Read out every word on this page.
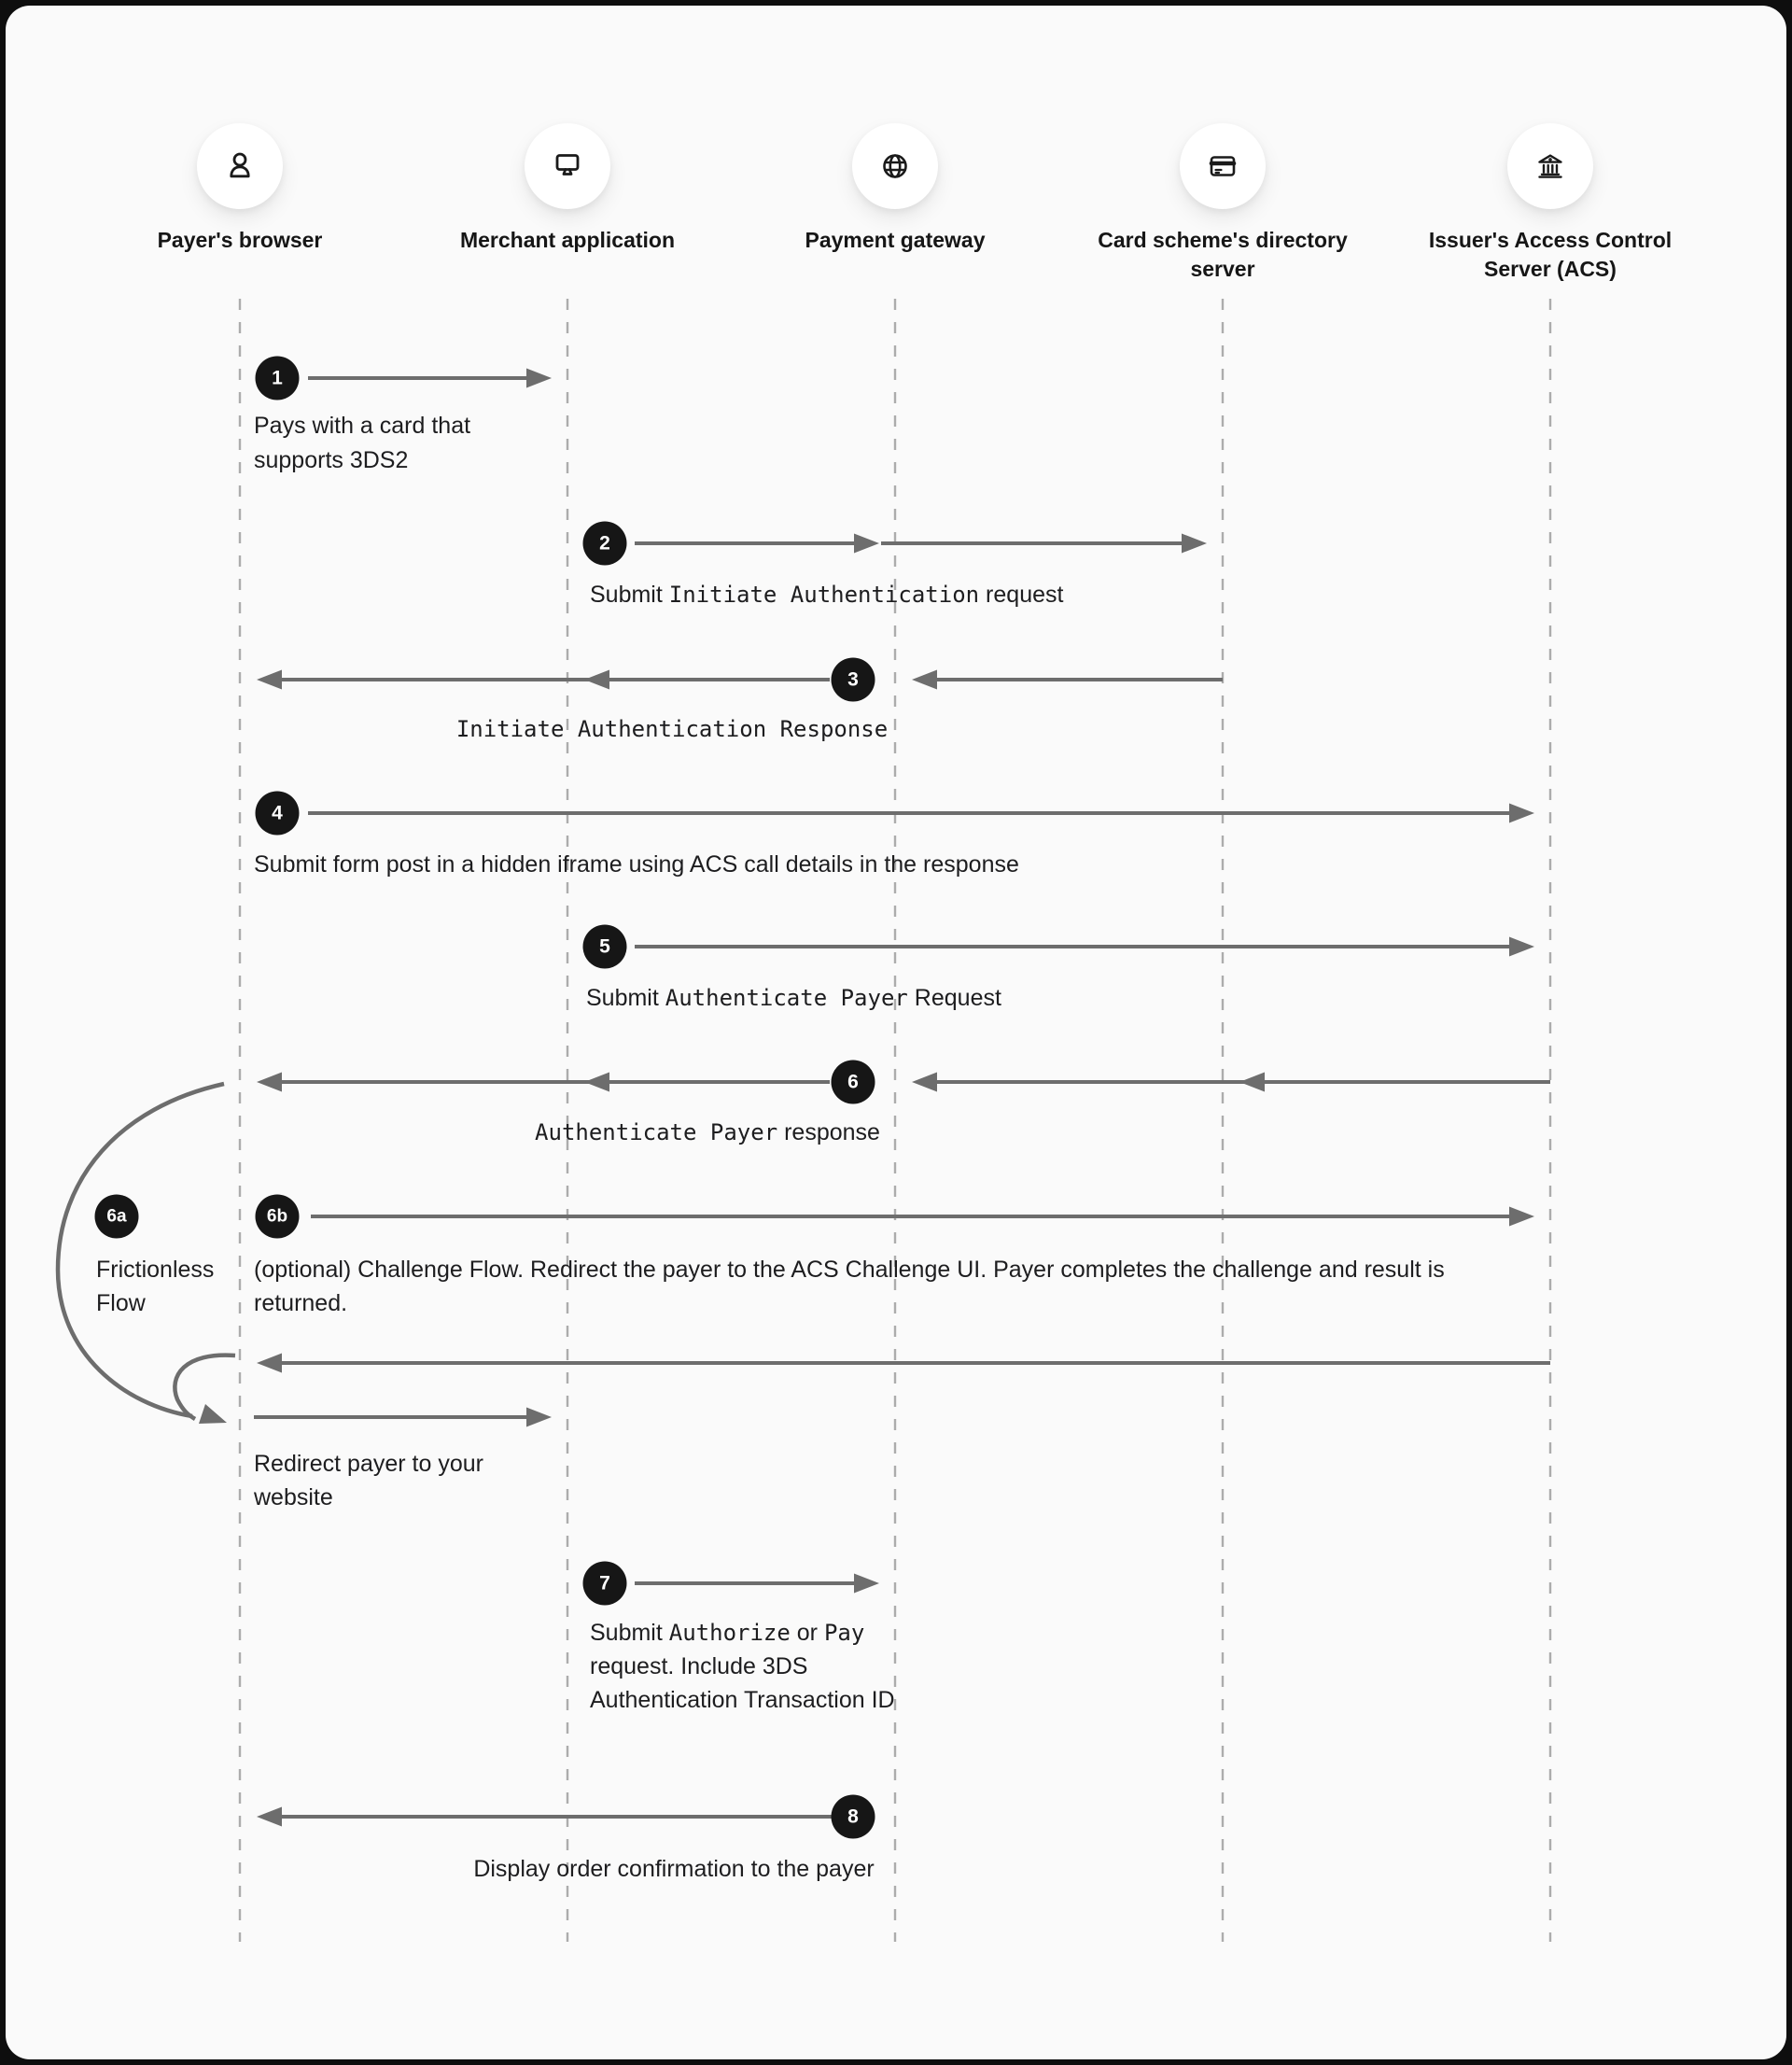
Payer's browser	Merchant application	Payment gateway	Card scheme's directory server
Issuer's Access Control Server (ACS)
1
2
3
4
5
6
6a	6b
7
8
Pays with a card that supports 3DS2
Submit Initiate Authentication request
Initiate Authentication Response
Submit form post in a hidden iframe using ACS call details in the response
Submit Authenticate Payer Request
Authenticate Payer response
Frictionless Flow
(optional) Challenge Flow. Redirect the payer to the ACS Challenge UI. Payer completes the challenge and result is returned.
Redirect payer to your website
Submit Authorize or Pay request. Include 3DS Authentication Transaction ID
Display order confirmation to the payer
